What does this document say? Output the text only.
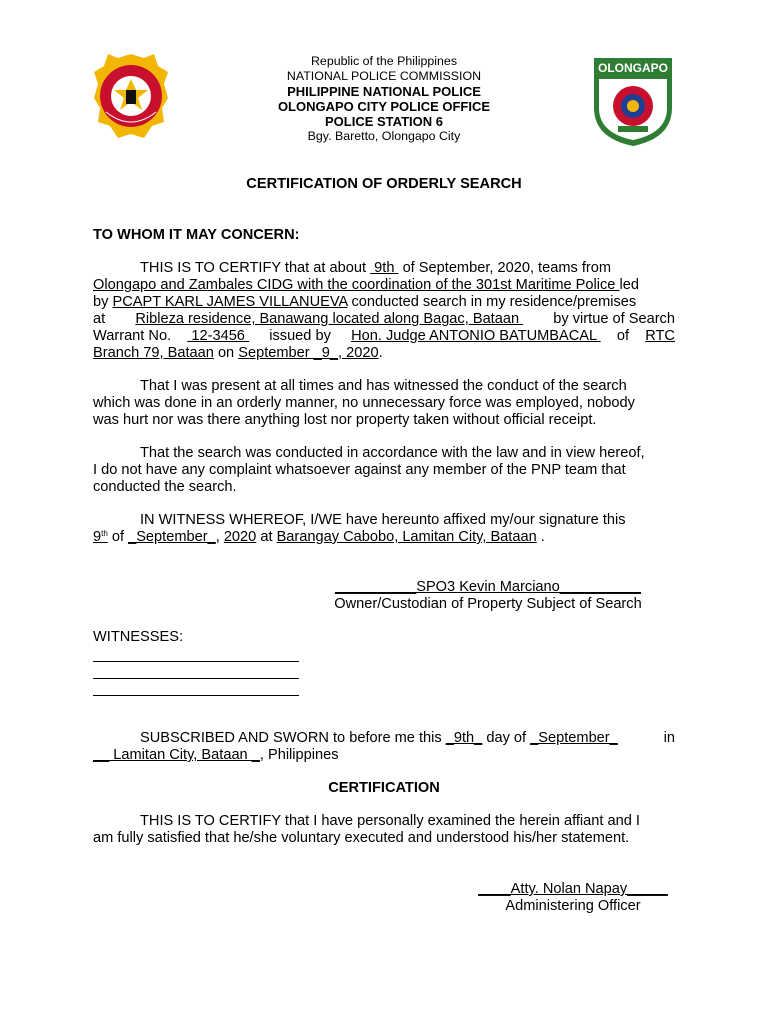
Republic of the Philippines
NATIONAL POLICE COMMISSION
PHILIPPINE NATIONAL POLICE
OLONGAPO CITY POLICE OFFICE
POLICE STATION 6
Bgy. Baretto, Olongapo City
OLONGAPO
CERTIFICATION OF ORDERLY SEARCH
TO WHOM IT MAY CONCERN:
THIS IS TO CERTIFY that at about  9th  of September, 2020, teams from
Olongapo and Zambales CIDG with the coordination of the 301st Maritime Police led
by PCAPT KARL JAMES VILLANUEVA conducted search in my residence/premises
at Ribleza residence, Banawang located along Bagac, Bataan by virtue of Search
Warrant No. 12-3456 issued by Hon. Judge ANTONIO BATUMBACAL of RTC
Branch 79, Bataan on September _9_, 2020.
That I was present at all times and has witnessed the conduct of the search
which was done in an orderly manner, no unnecessary force was employed, nobody
was hurt nor was there anything lost nor property taken without official receipt.
That the search was conducted in accordance with the law and in view hereof,
I do not have any complaint whatsoever against any member of the PNP team that
conducted the search.
IN WITNESS WHEREOF, I/WE have hereunto affixed my/our signature this
9th of _September_, 2020 at Barangay Cabobo, Lamitan City, Bataan .
__________SPO3 Kevin Marciano__________
Owner/Custodian of Property Subject of Search
WITNESSES:
SUBSCRIBED AND SWORN to before me this _9th_ day of _September_	in
__ Lamitan City, Bataan _, Philippines
CERTIFICATION
THIS IS TO CERTIFY that I have personally examined the herein affiant and I
am fully satisfied that he/she voluntary executed and understood his/her statement.
____Atty. Nolan Napay_____
Administering Officer
